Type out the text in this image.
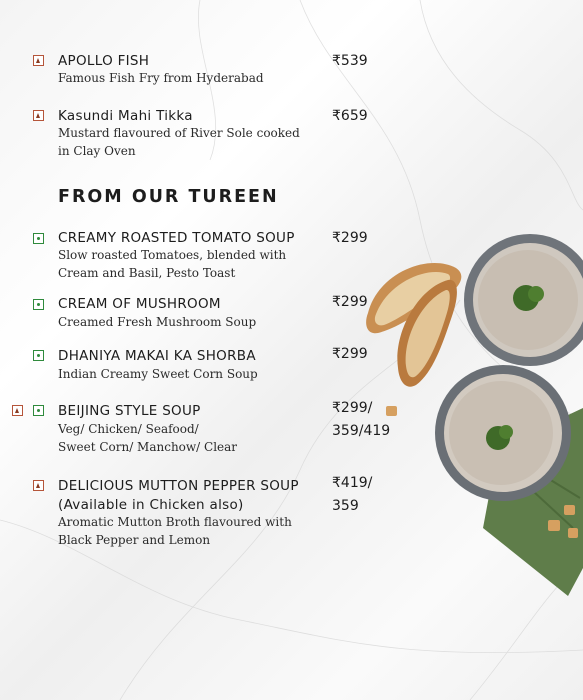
APOLLO FISH
Famous Fish Fry from Hyderabad
₹539
Kasundi Mahi Tikka
Mustard flavoured of River Sole cooked in Clay Oven
₹659
FROM OUR TUREEN
CREAMY ROASTED TOMATO SOUP
Slow roasted Tomatoes, blended with Cream and Basil, Pesto Toast
₹299
CREAM OF MUSHROOM
Creamed Fresh Mushroom Soup
₹299
DHANIYA MAKAI KA SHORBA
Indian Creamy Sweet Corn Soup
₹299
BEIJING STYLE SOUP
Veg/ Chicken/ Seafood/
Sweet Corn/ Manchow/ Clear
₹299/
359/419
DELICIOUS MUTTON PEPPER SOUP
(Available in Chicken also)
Aromatic Mutton Broth flavoured with Black Pepper and Lemon
₹419/
359
